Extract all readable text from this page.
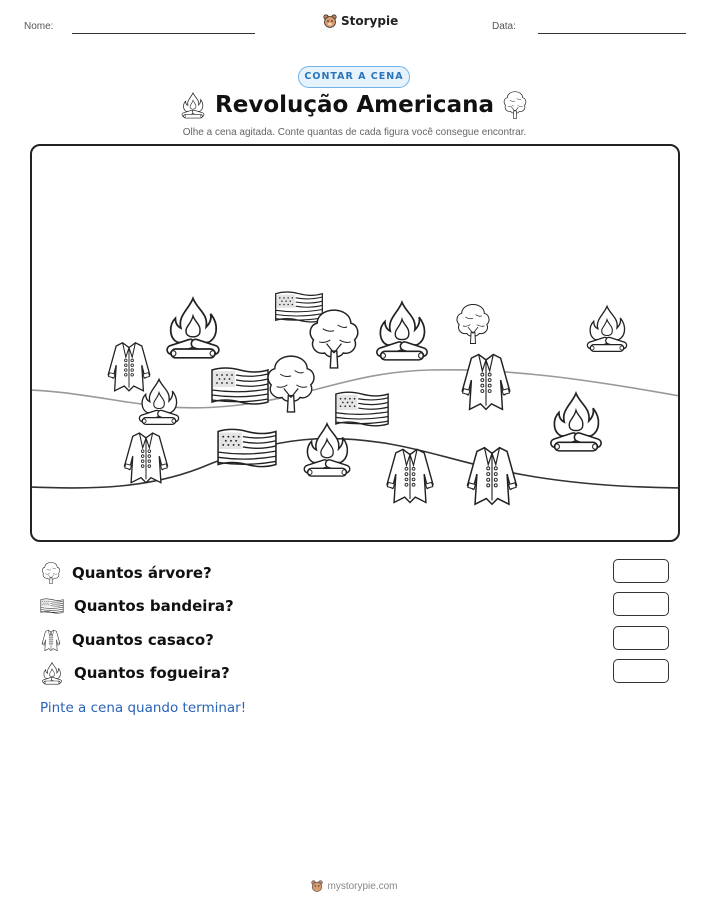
Nome:	Storypie	Data:
CONTAR A CENA
Revolução Americana
Olhe a cena agitada. Conte quantas de cada figura você consegue encontrar.
Quantos árvore?
Quantos bandeira?
Quantos casaco?
Quantos fogueira?
Pinte a cena quando terminar!
mystorypie.com
